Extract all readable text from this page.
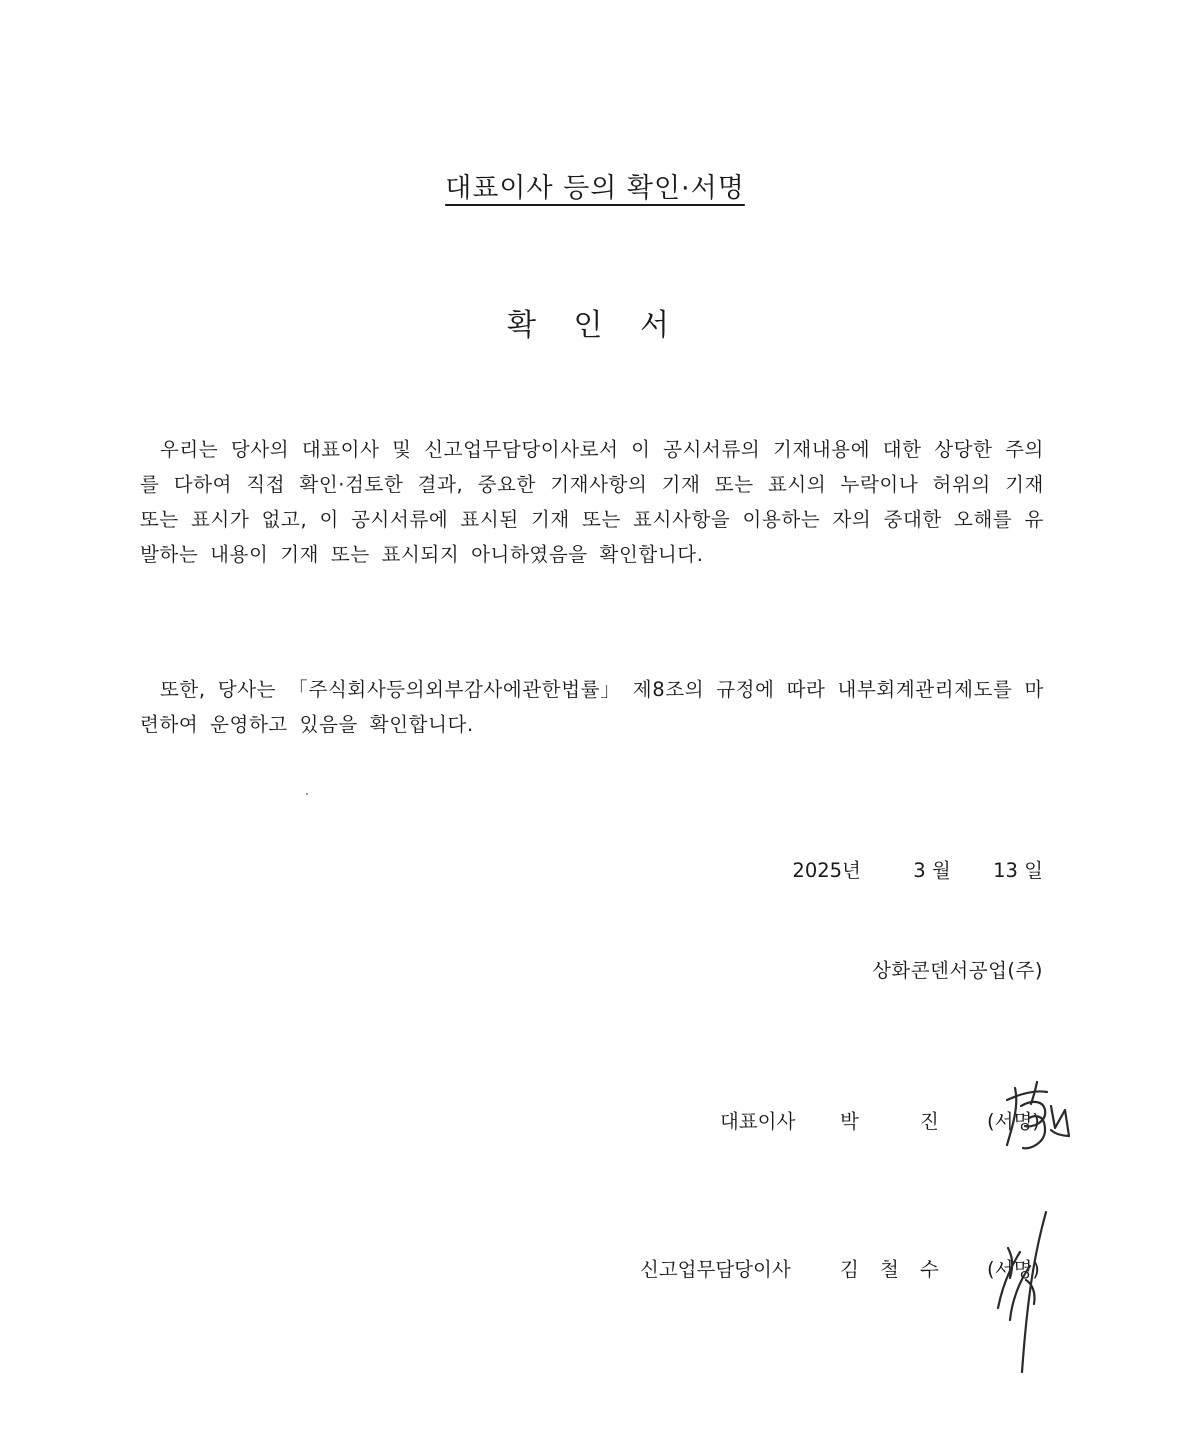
대표이사 등의 확인·서명
확 인 서
우리는 당사의 대표이사 및 신고업무담당이사로서 이 공시서류의 기재내용에 대한 상당한 주의를 다하여 직접 확인·검토한 결과, 중요한 기재사항의 기재 또는 표시의 누락이나 허위의 기재 또는 표시가 없고, 이 공시서류에 표시된 기재 또는 표시사항을 이용하는 자의 중대한 오해를 유발하는 내용이 기재 또는 표시되지 아니하였음을 확인합니다.
또한, 당사는 「주식회사등의외부감사에관한법률」 제8조의 규정에 따라 내부회계관리제도를 마련하여 운영하고 있음을 확인합니다.
2025년	3 월 13 일
상화콘덴서공업(주)
대표이사 박	진 (서명)
신고업무담당이사	김 철 수 (서명)
